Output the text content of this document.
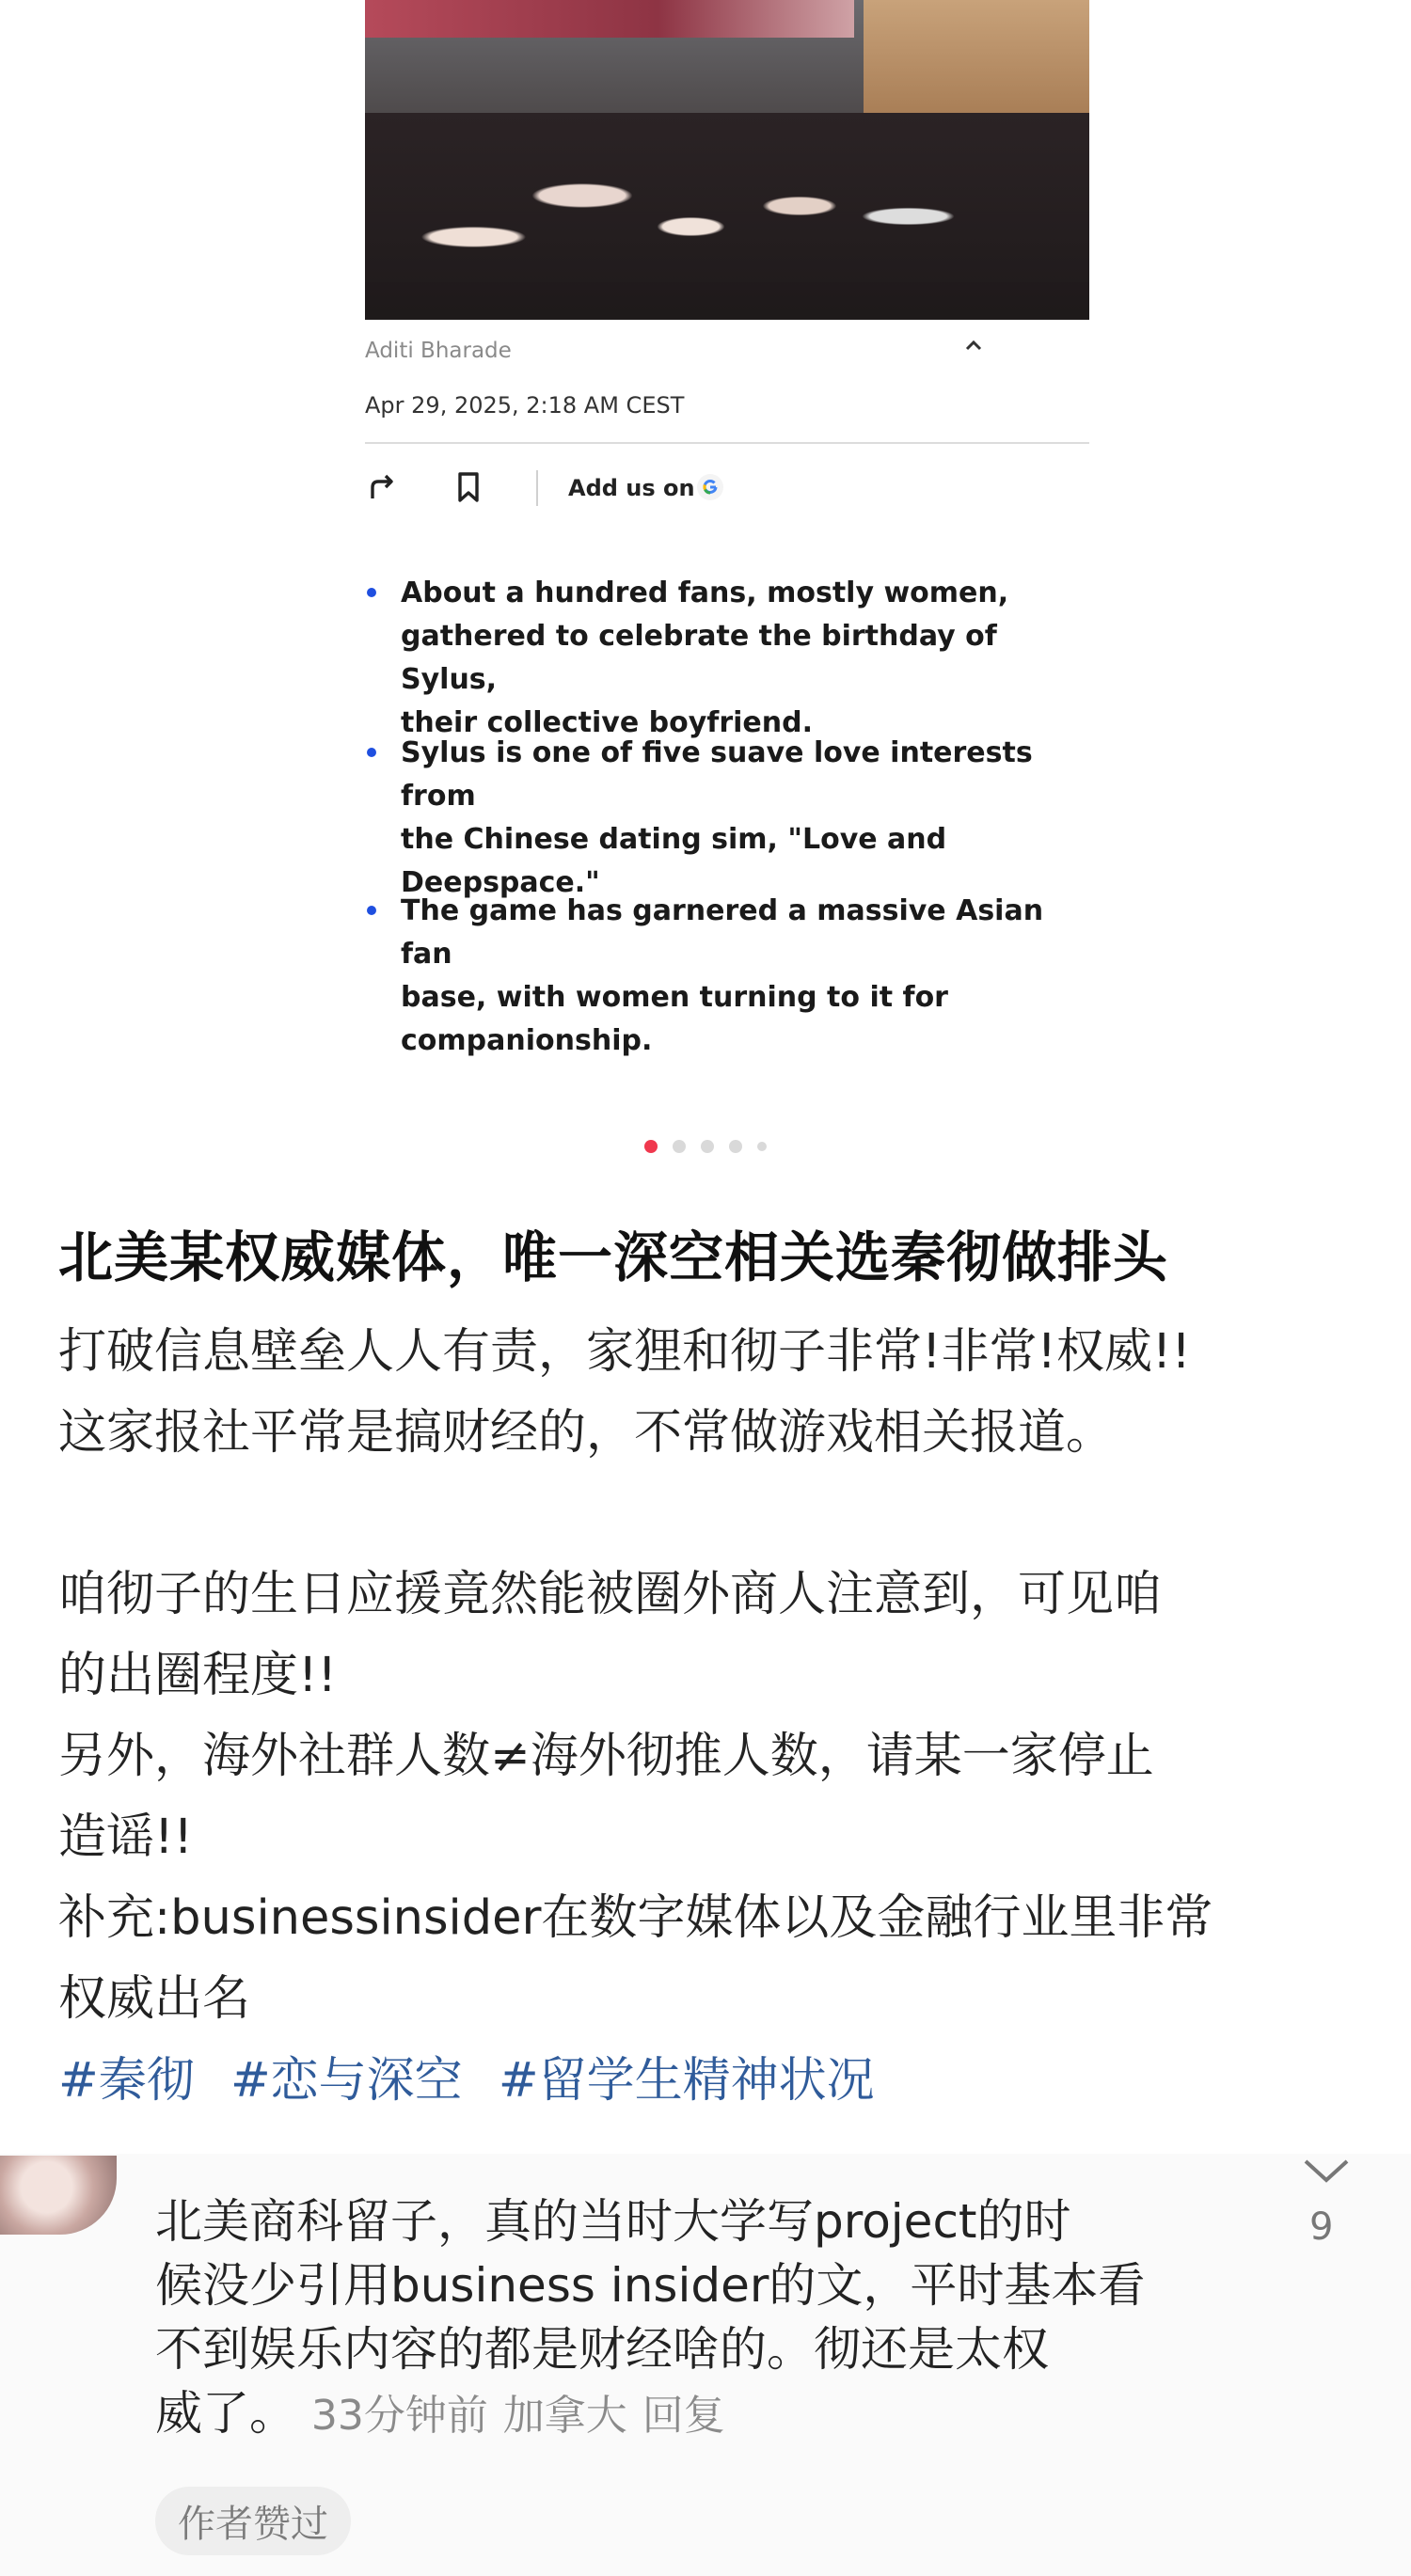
Aditi Bharade
Apr 29, 2025, 2:18 AM CEST
Add us on
About a hundred fans, mostly women,
gathered to celebrate the birthday of Sylus,
their collective boyfriend.
Sylus is one of five suave love interests from
the Chinese dating sim, "Love and
Deepspace."
The game has garnered a massive Asian fan
base, with women turning to it for
companionship.
北美某权威媒体，唯一深空相关选秦彻做排头
打破信息壁垒人人有责，家狸和彻子非常!非常!权威!!
这家报社平常是搞财经的，不常做游戏相关报道。

咱彻子的生日应援竟然能被圈外商人注意到，可见咱
的出圈程度!!
另外，海外社群人数≠海外彻推人数，请某一家停止
造谣!!
补充:businessinsider在数字媒体以及金融行业里非常
权威出名
#秦彻 #恋与深空 #留学生精神状况
9
北美商科留子，真的当时大学写project的时
候没少引用business insider的文，平时基本看
不到娱乐内容的都是财经啥的。彻还是太权
威了。 33分钟前 加拿大 回复
作者赞过
